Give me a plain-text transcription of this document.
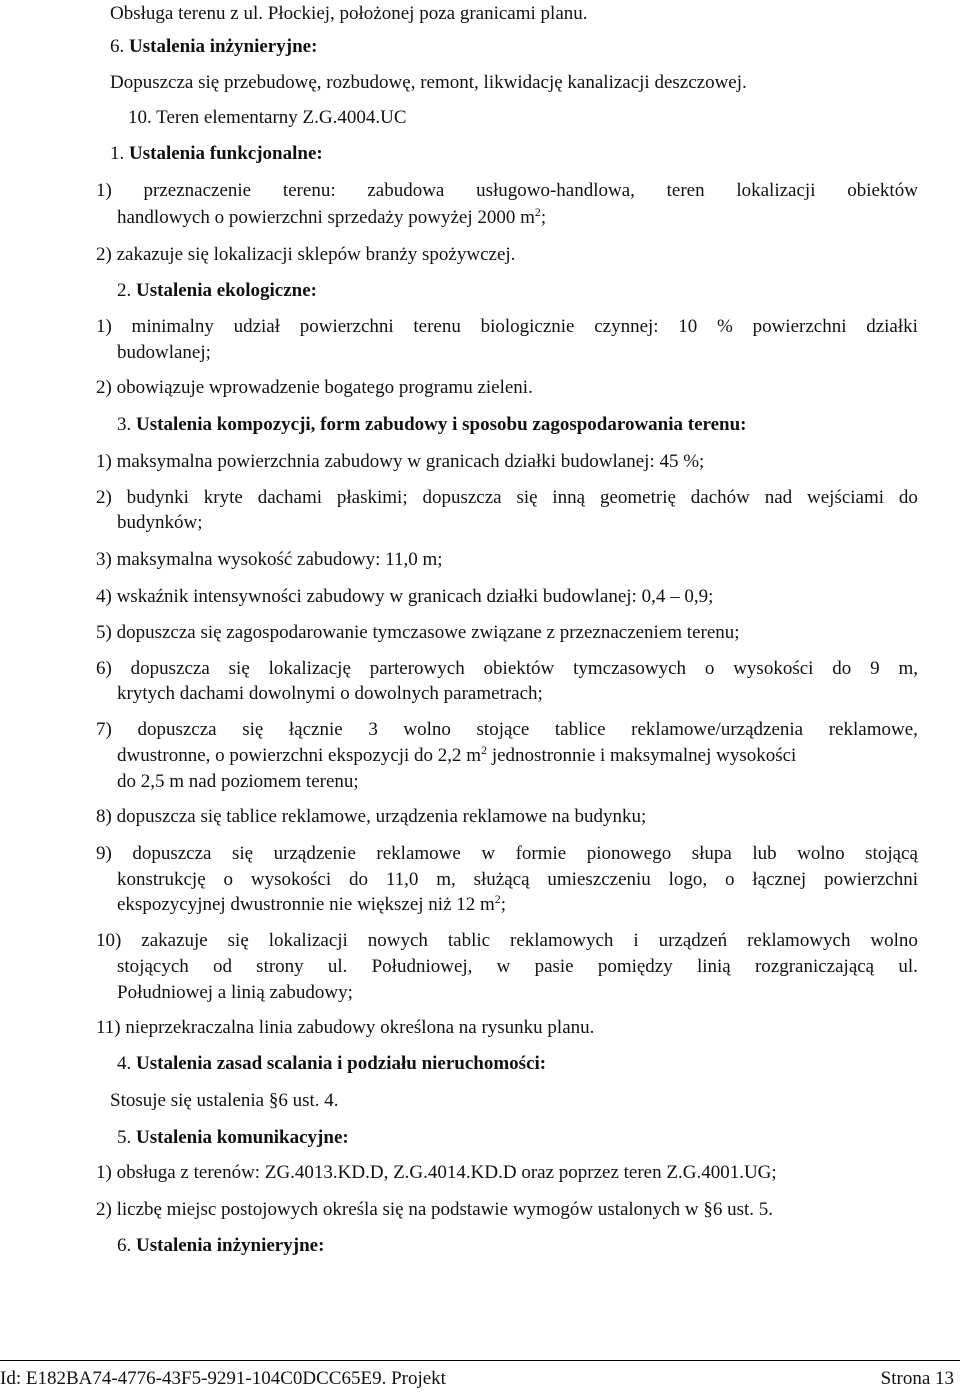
Obsługa terenu z ul. Płockiej, położonej poza granicami planu.
6. Ustalenia inżynieryjne:
Dopuszcza się przebudowę, rozbudowę, remont, likwidację kanalizacji deszczowej.
10. Teren elementarny Z.G.4004.UC
1. Ustalenia funkcjonalne:
1) przeznaczenie terenu: zabudowa usługowo-handlowa, teren lokalizacji obiektów
handlowych o powierzchni sprzedaży powyżej 2000 $m^2$;
2) zakazuje się lokalizacji sklepów branży spożywczej.
2. Ustalenia ekologiczne:
1) minimalny udział powierzchni terenu biologicznie czynnej: 10 % powierzchni działki
budowlanej;
2) obowiązuje wprowadzenie bogatego programu zieleni.
3. Ustalenia kompozycji, form zabudowy i sposobu zagospodarowania terenu:
1) maksymalna powierzchnia zabudowy w granicach działki budowlanej: 45 %;
2) budynki kryte dachami płaskimi; dopuszcza się inną geometrię dachów nad wejściami do
budynków;
3) maksymalna wysokość zabudowy: 11,0 m;
4) wskaźnik intensywności zabudowy w granicach działki budowlanej: 0,4 – 0,9;
5) dopuszcza się zagospodarowanie tymczasowe związane z przeznaczeniem terenu;
6) dopuszcza się lokalizację parterowych obiektów tymczasowych o wysokości do 9 m,
krytych dachami dowolnymi o dowolnych parametrach;
7) dopuszcza się łącznie 3 wolno stojące tablice reklamowe/urządzenia reklamowe,
dwustronne, o powierzchni ekspozycji do 2,2 $m^2$ jednostronnie i maksymalnej wysokości
do 2,5 m nad poziomem terenu;
8) dopuszcza się tablice reklamowe, urządzenia reklamowe na budynku;
9) dopuszcza się urządzenie reklamowe w formie pionowego słupa lub wolno stojącą
konstrukcję o wysokości do 11,0 m, służącą umieszczeniu logo, o łącznej powierzchni
ekspozycyjnej dwustronnie nie większej niż 12 $m^2$;
10) zakazuje się lokalizacji nowych tablic reklamowych i urządzeń reklamowych wolno
stojących od strony ul. Południowej, w pasie pomiędzy linią rozgraniczającą ul.
Południowej a linią zabudowy;
11) nieprzekraczalna linia zabudowy określona na rysunku planu.
4. Ustalenia zasad scalania i podziału nieruchomości:
Stosuje się ustalenia §6 ust. 4.
5. Ustalenia komunikacyjne:
1) obsługa z terenów: ZG.4013.KD.D, Z.G.4014.KD.D oraz poprzez teren Z.G.4001.UG;
2) liczbę miejsc postojowych określa się na podstawie wymogów ustalonych w §6 ust. 5.
6. Ustalenia inżynieryjne:
Id: E182BA74-4776-43F5-9291-104C0DCC65E9. Projekt	Strona 13
